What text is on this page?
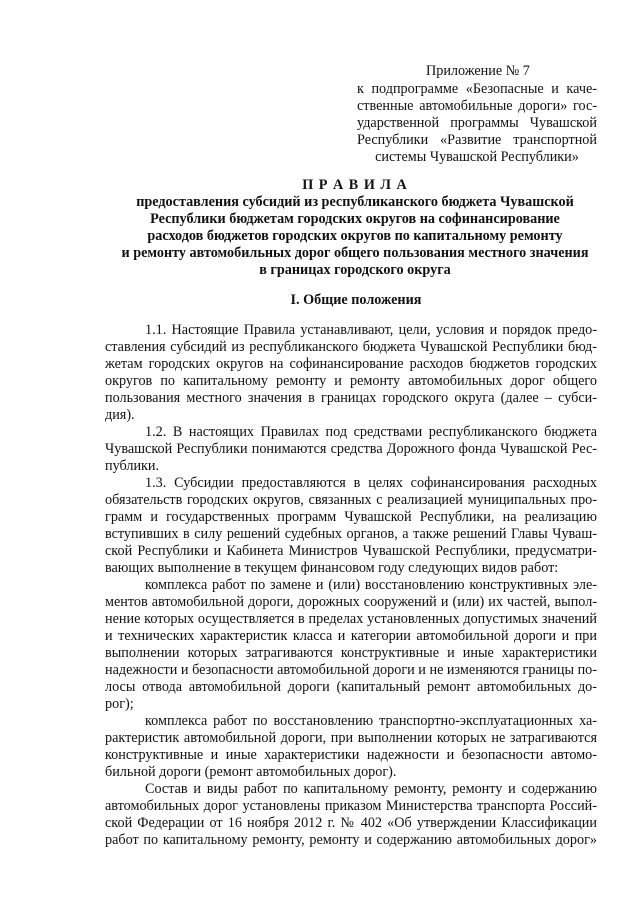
Приложение № 7

к подпрограмме «Безопасные и каче-

ственные автомобильные дороги» гос-

ударственной программы Чувашской

Республики «Развитие транспортной

системы Чувашской Республики»

П Р А В И Л А

предоставления субсидий из республиканского бюджета Чувашской

Республики бюджетам городских округов на софинансирование

расходов бюджетов городских округов по капитальному ремонту

и ремонту автомобильных дорог общего пользования местного значения

в границах городского округа

I. Общие положения

1.1. Настоящие Правила устанавливают, цели, условия и порядок предо-

ставления субсидий из республиканского бюджета Чувашской Республики бюд-

жетам городских округов на софинансирование расходов бюджетов городских

округов по капитальному ремонту и ремонту автомобильных дорог общего

пользования местного значения в границах городского округа (далее – субси-

дия).

1.2. В настоящих Правилах под средствами республиканского бюджета

Чувашской Республики понимаются средства Дорожного фонда Чувашской Рес-

публики.

1.3. Субсидии предоставляются в целях софинансирования расходных

обязательств городских округов, связанных с реализацией муниципальных про-

грамм и государственных программ Чувашской Республики, на реализацию

вступивших в силу решений судебных органов, а также решений Главы Чуваш-

ской Республики и Кабинета Министров Чувашской Республики, предусматри-

вающих выполнение в текущем финансовом году следующих видов работ:

комплекса работ по замене и (или) восстановлению конструктивных эле-

ментов автомобильной дороги, дорожных сооружений и (или) их частей, выпол-

нение которых осуществляется в пределах установленных допустимых значений

и технических характеристик класса и категории автомобильной дороги и при

выполнении которых затрагиваются конструктивные и иные характеристики

надежности и безопасности автомобильной дороги и не изменяются границы по-

лосы отвода автомобильной дороги (капитальный ремонт автомобильных до-

рог);

комплекса работ по восстановлению транспортно-эксплуатационных ха-

рактеристик автомобильной дороги, при выполнении которых не затрагиваются

конструктивные и иные характеристики надежности и безопасности автомо-

бильной дороги (ремонт автомобильных дорог).

Состав и виды работ по капитальному ремонту, ремонту и содержанию

автомобильных дорог установлены приказом Министерства транспорта Россий-

ской Федерации от 16 ноября 2012 г. № 402 «Об утверждении Классификации

работ по капитальному ремонту, ремонту и содержанию автомобильных дорог»
